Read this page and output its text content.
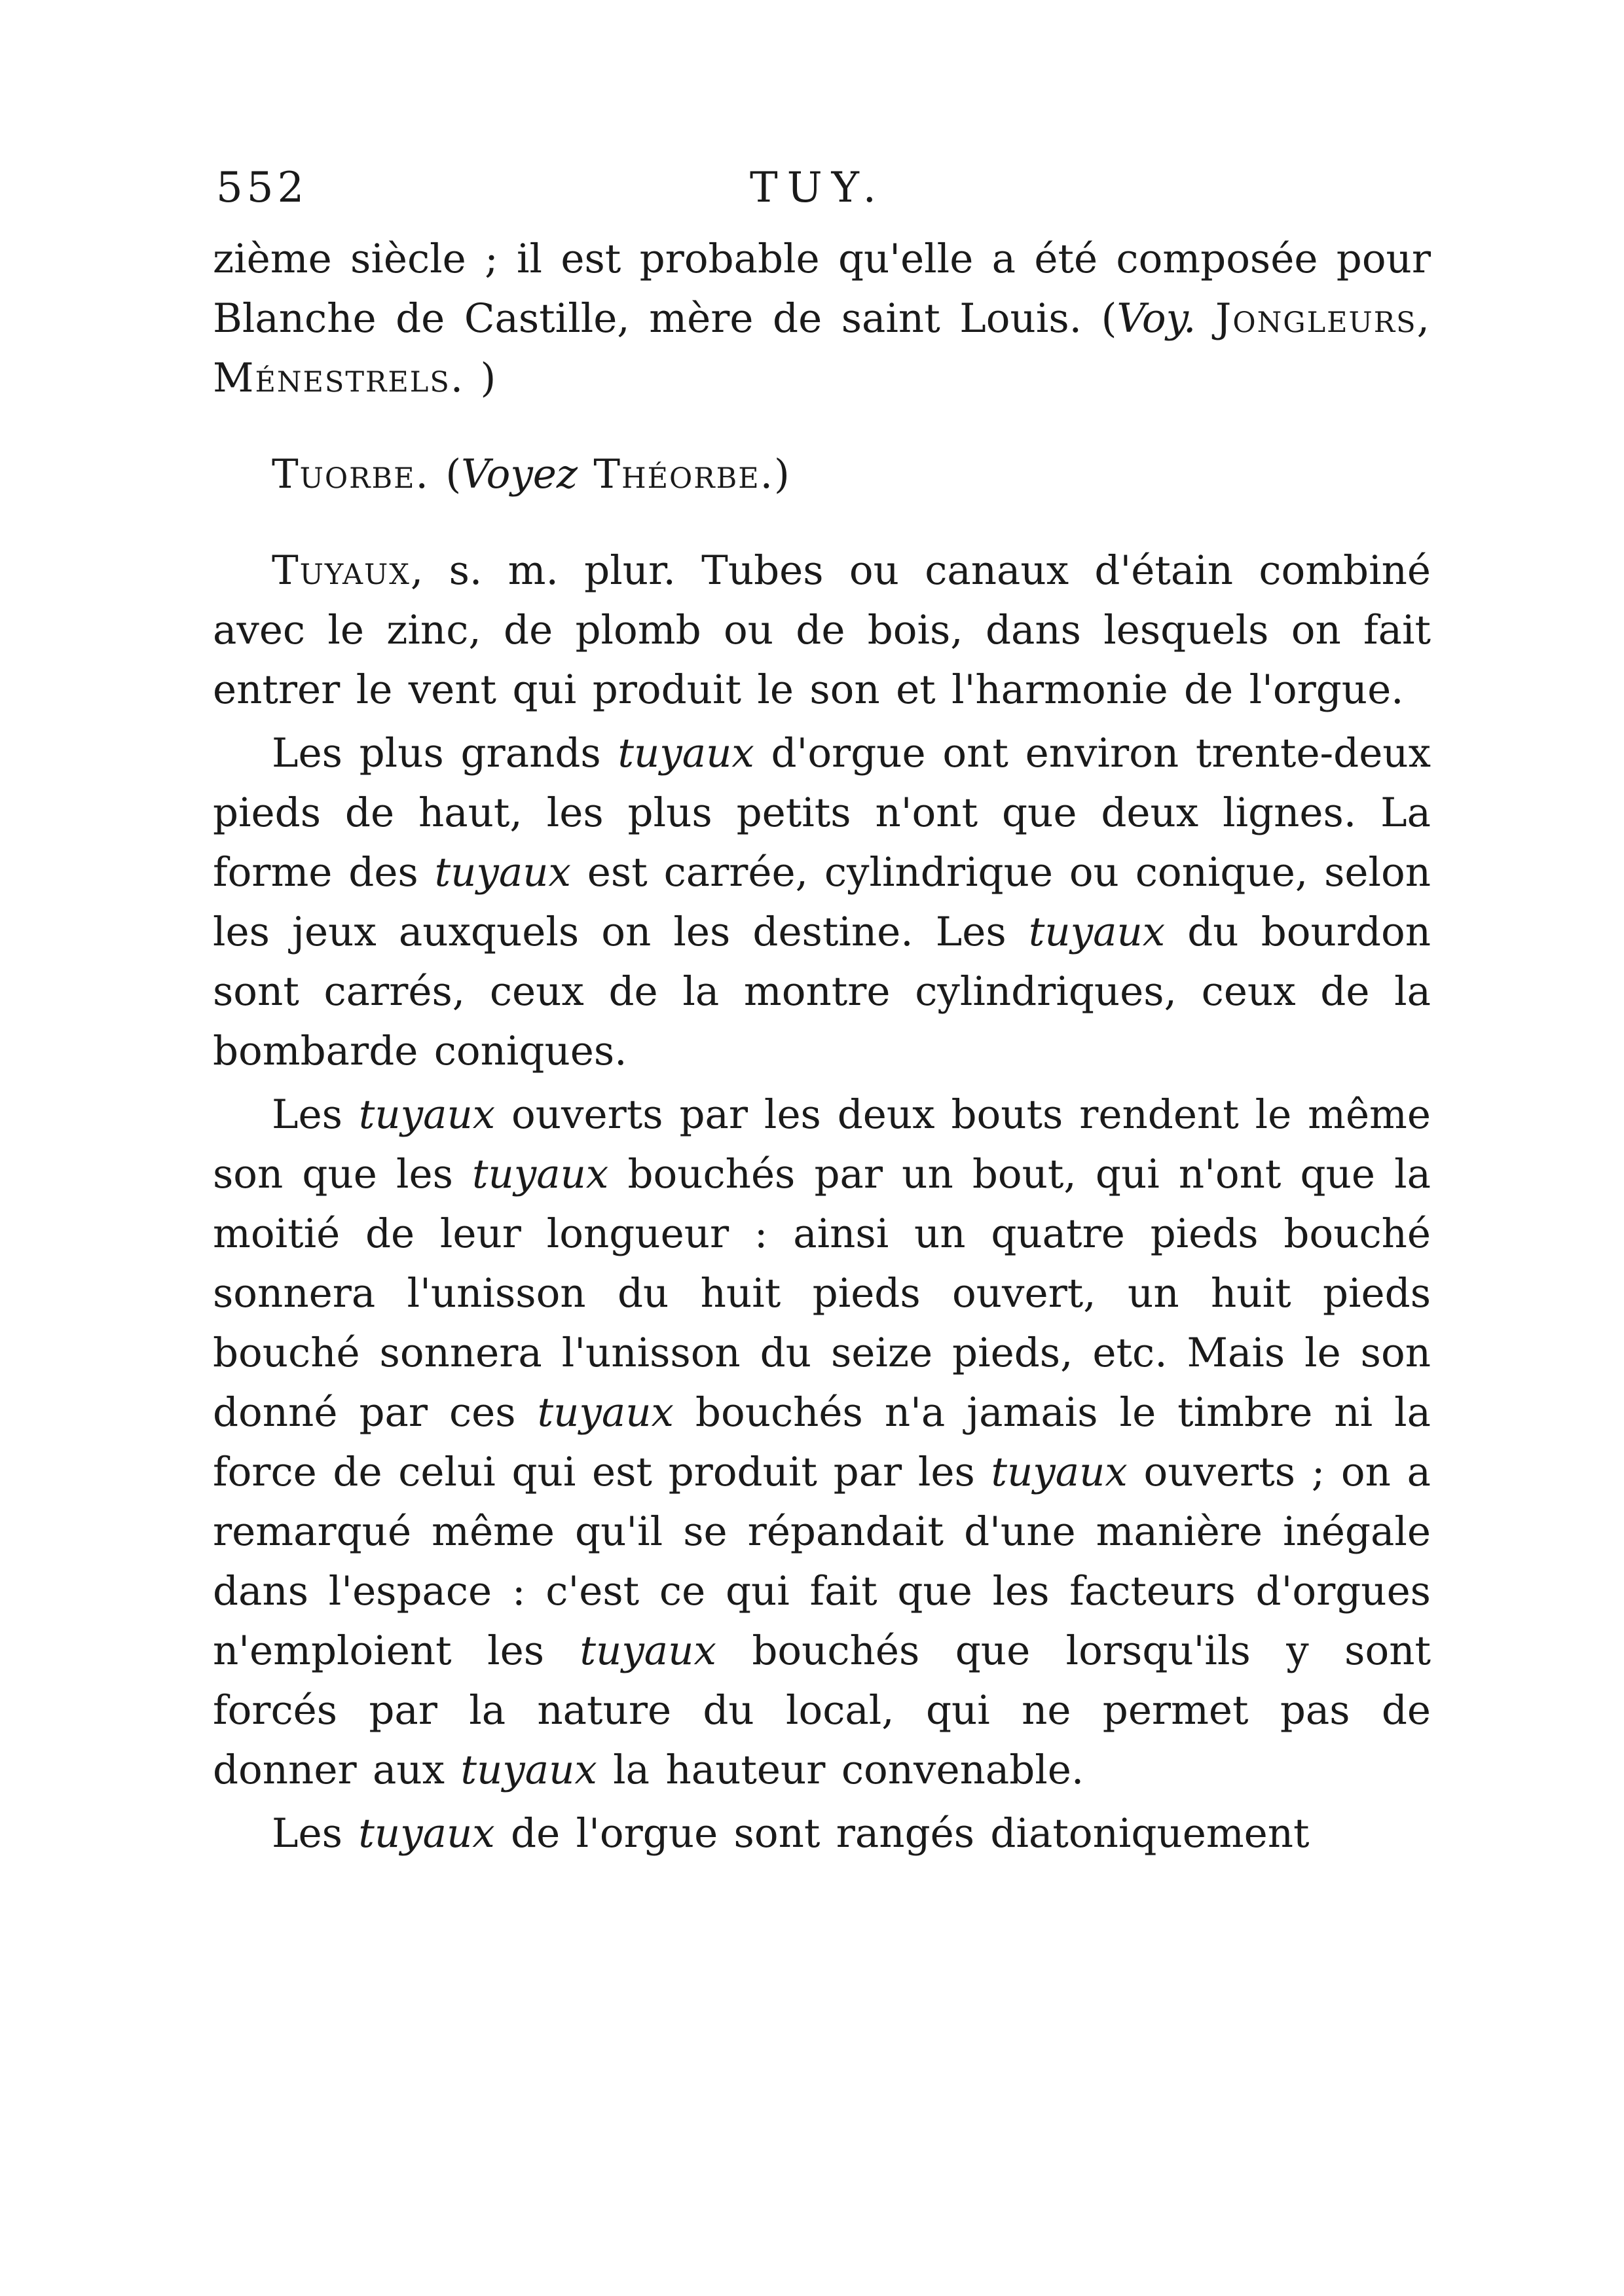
552	TUY.

zième siècle ; il est probable qu'elle a été composée pour Blanche de Castille, mère de saint Louis. (Voy. Jongleurs, Ménestrels. )

Tuorbe. (Voyez Théorbe.)

Tuyaux, s. m. plur. Tubes ou canaux d'étain combiné avec le zinc, de plomb ou de bois, dans lesquels on fait entrer le vent qui produit le son et l'harmonie de l'orgue.

Les plus grands tuyaux d'orgue ont environ trente-deux pieds de haut, les plus petits n'ont que deux lignes. La forme des tuyaux est carrée, cylindrique ou conique, selon les jeux auxquels on les destine. Les tuyaux du bourdon sont carrés, ceux de la montre cylindriques, ceux de la bombarde coniques.

Les tuyaux ouverts par les deux bouts rendent le même son que les tuyaux bouchés par un bout, qui n'ont que la moitié de leur longueur : ainsi un quatre pieds bouché sonnera l'unisson du huit pieds ouvert, un huit pieds bouché sonnera l'unisson du seize pieds, etc. Mais le son donné par ces tuyaux bouchés n'a jamais le timbre ni la force de celui qui est produit par les tuyaux ouverts ; on a remarqué même qu'il se répandait d'une manière inégale dans l'espace : c'est ce qui fait que les facteurs d'orgues n'emploient les tuyaux bouchés que lorsqu'ils y sont forcés par la nature du local, qui ne permet pas de donner aux tuyaux la hauteur convenable.

Les tuyaux de l'orgue sont rangés diatoniquement
